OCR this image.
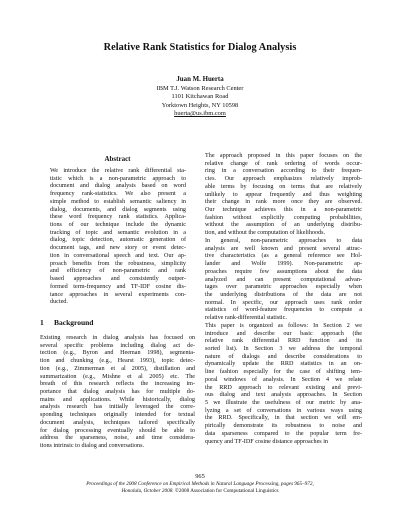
Relative Rank Statistics for Dialog Analysis
Juan M. Huerta
IBM T.J. Watson Research Center
1101 Kitchawan Road
Yorktown Heights, NY 10598
huerta@us.ibm.com
Abstract
We introduce the relative rank differential sta-
tistic which is a non-parametric approach to
document and dialog analysis based on word
frequency rank-statistics. We also present a
simple method to establish semantic saliency in
dialog, documents, and dialog segments using
these word frequency rank statistics. Applica-
tions of our technique include the dynamic
tracking of topic and semantic evolution in a
dialog, topic detection, automatic generation of
document tags, and new story or event detec-
tion in conversational speech and text. Our ap-
proach benefits from the robustness, simplicity
and efficiency of non-parametric and rank
based approaches and consistently outper-
formed term-frequency and TF-IDF cosine dis-
tance approaches in several experiments con-
ducted.
1 Background
Existing research in dialog analysis has focused on
several specific problems including dialog act de-
tection (e.g., Byron and Heeman 1998), segmenta-
tion and chunking (e.g., Hearst 1993), topic detec-
tion (e.g., Zimmerman et al 2005), distillation and
summarization (e.g., Mishne et al 2005) etc. The
breath of this research reflects the increasing im-
portance that dialog analysis has for multiple do-
mains and applications. While historically, dialog
analysis research has initially leveraged the corre-
sponding techniques originally intended for textual
document analysis, techniques tailored specifically
for dialog processing eventually should be able to
address the sparseness, noise, and time considera-
tions intrinsic to dialog and conversations.
The approach proposed in this paper focuses on the
relative change of rank ordering of words occur-
ring in a conversation according to their frequen-
cies. Our approach emphasizes relatively improb-
able terms by focusing on terms that are relatively
unlikely to appear frequently and thus weighting
their change in rank more once they are observed.
Our technique achieves this in a non-parametric
fashion without explicitly computing probabilities,
without the assumption of an underlying distribu-
tion, and without the computation of likelihoods.
In general, non-parametric approaches to data
analysis are well known and present several attrac-
tive characteristics (as a general reference see Hol-
lander and Wolfe 1999). Non-parametric ap-
proaches require few assumptions about the data
analyzed and can present computational advan-
tages over parametric approaches especially when
the underlying distributions of the data are not
normal. In specific, our approach uses rank order
statistics of word-feature frequencies to compute a
relative rank-differential statistic.
This paper is organized as follows: In Section 2 we
introduce and describe our basic approach (the
relative rank differential RRD function and its
sorted list). In Section 3 we address the temporal
nature of dialogs and describe considerations to
dynamically update the RRD statistics in an on-
line fashion especially for the case of shifting tem-
poral windows of analysis. In Section 4 we relate
the RRD approach to relevant existing and previ-
ous dialog and text analysis approaches. In Section
5 we illustrate the usefulness of our metric by ana-
lyzing a set of conversations in various ways using
the RRD. Specifically, in that section we will em-
pirically demonstrate its robustness to noise and
data sparseness compared to the popular term fre-
quency and TF-IDF cosine distance approaches in
965
Proceedings of the 2008 Conference on Empirical Methods in Natural Language Processing, pages 965–972,
Honolulu, October 2008. ©2008 Association for Computational Linguistics
